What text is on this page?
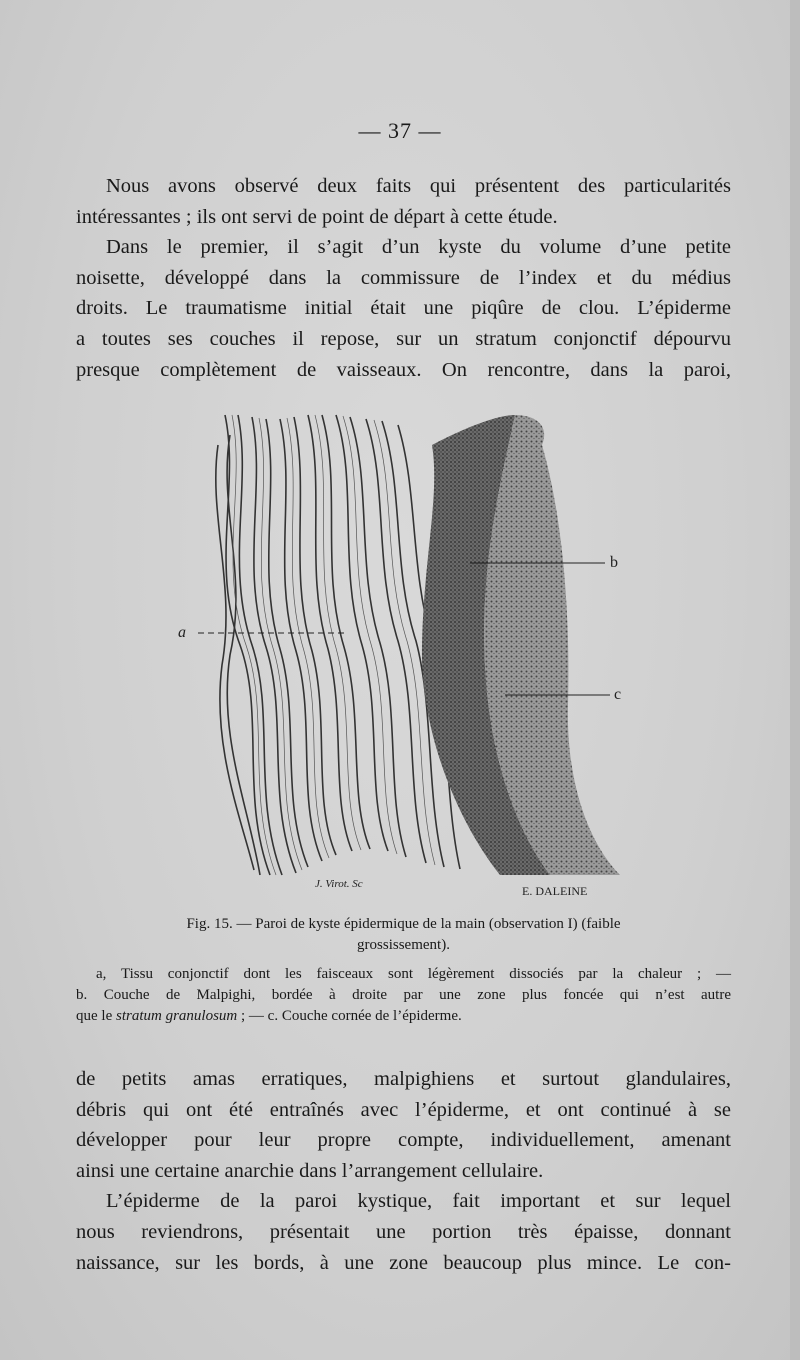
— 37 —
Nous avons observé deux faits qui présentent des particularités
intéressantes ; ils ont servi de point de départ à cette étude.
Dans le premier, il s’agit d’un kyste du volume d’une petite
noisette, développé dans la commissure de l’index et du médius
droits. Le traumatisme initial était une piqûre de clou. L’épiderme
a toutes ses couches il repose, sur un stratum conjonctif dépourvu
presque complètement de vaisseaux. On rencontre, dans la paroi,
a
b
c
J. Virot. Sc	E. DALEINE
Fig. 15. — Paroi de kyste épidermique de la main (observation I) (faible
grossissement).
a, Tissu conjonctif dont les faisceaux sont légèrement dissociés par la chaleur ; —
b. Couche de Malpighi, bordée à droite par une zone plus foncée qui n’est autre
que le stratum granulosum ; — c. Couche cornée de l’épiderme.
de petits amas erratiques, malpighiens et surtout glandulaires,
débris qui ont été entraînés avec l’épiderme, et ont continué à se
développer pour leur propre compte, individuellement, amenant
ainsi une certaine anarchie dans l’arrangement cellulaire.
L’épiderme de la paroi kystique, fait important et sur lequel
nous reviendrons, présentait une portion très épaisse, donnant
naissance, sur les bords, à une zone beaucoup plus mince. Le con-
